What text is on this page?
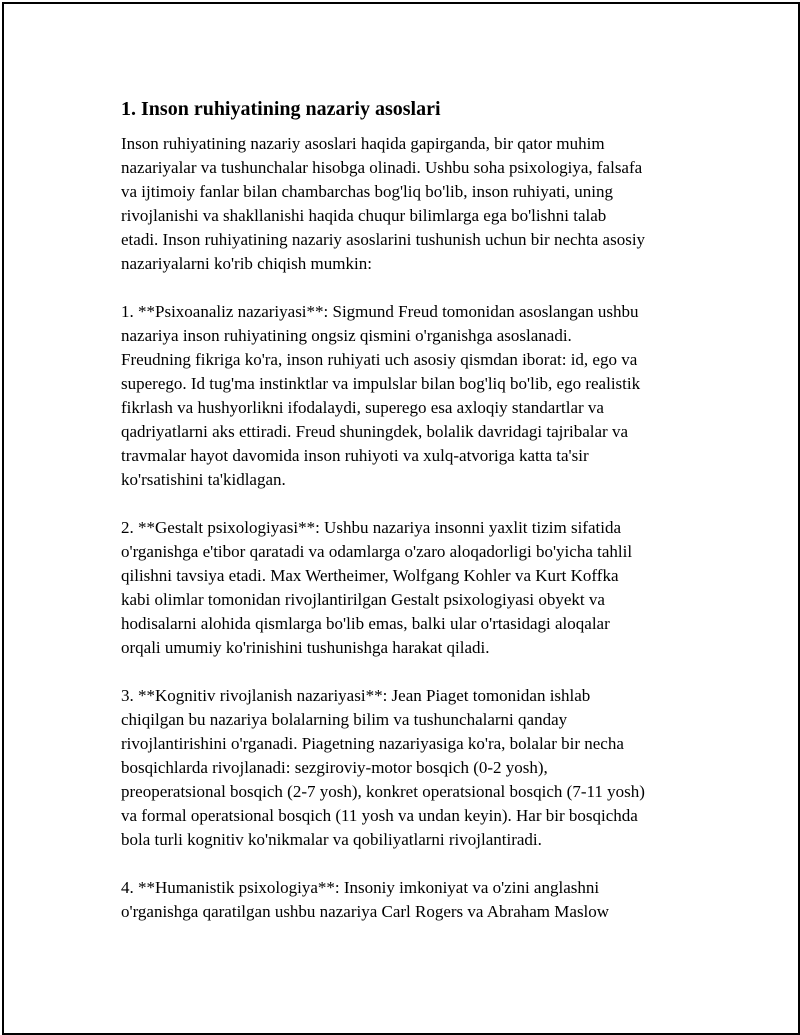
1. Inson ruhiyatining nazariy asoslari

Inson ruhiyatining nazariy asoslari haqida gapirganda, bir qator muhim
nazariyalar va tushunchalar hisobga olinadi. Ushbu soha psixologiya, falsafa
va ijtimoiy fanlar bilan chambarchas bog'liq bo'lib, inson ruhiyati, uning
rivojlanishi va shakllanishi haqida chuqur bilimlarga ega bo'lishni talab
etadi. Inson ruhiyatining nazariy asoslarini tushunish uchun bir nechta asosiy
nazariyalarni ko'rib chiqish mumkin:

1. **Psixoanaliz nazariyasi**: Sigmund Freud tomonidan asoslangan ushbu
nazariya inson ruhiyatining ongsiz qismini o'rganishga asoslanadi.
Freudning fikriga ko'ra, inson ruhiyati uch asosiy qismdan iborat: id, ego va
superego. Id tug'ma instinktlar va impulslar bilan bog'liq bo'lib, ego realistik
fikrlash va hushyorlikni ifodalaydi, superego esa axloqiy standartlar va
qadriyatlarni aks ettiradi. Freud shuningdek, bolalik davridagi tajribalar va
travmalar hayot davomida inson ruhiyoti va xulq-atvoriga katta ta'sir
ko'rsatishini ta'kidlagan.

2. **Gestalt psixologiyasi**: Ushbu nazariya insonni yaxlit tizim sifatida
o'rganishga e'tibor qaratadi va odamlarga o'zaro aloqadorligi bo'yicha tahlil
qilishni tavsiya etadi. Max Wertheimer, Wolfgang Kohler va Kurt Koffka
kabi olimlar tomonidan rivojlantirilgan Gestalt psixologiyasi obyekt va
hodisalarni alohida qismlarga bo'lib emas, balki ular o'rtasidagi aloqalar
orqali umumiy ko'rinishini tushunishga harakat qiladi.

3. **Kognitiv rivojlanish nazariyasi**: Jean Piaget tomonidan ishlab
chiqilgan bu nazariya bolalarning bilim va tushunchalarni qanday
rivojlantirishini o'rganadi. Piagetning nazariyasiga ko'ra, bolalar bir necha
bosqichlarda rivojlanadi: sezgiroviy-motor bosqich (0-2 yosh),
preoperatsional bosqich (2-7 yosh), konkret operatsional bosqich (7-11 yosh)
va formal operatsional bosqich (11 yosh va undan keyin). Har bir bosqichda
bola turli kognitiv ko'nikmalar va qobiliyatlarni rivojlantiradi.

4. **Humanistik psixologiya**: Insoniy imkoniyat va o'zini anglashni
o'rganishga qaratilgan ushbu nazariya Carl Rogers va Abraham Maslow
